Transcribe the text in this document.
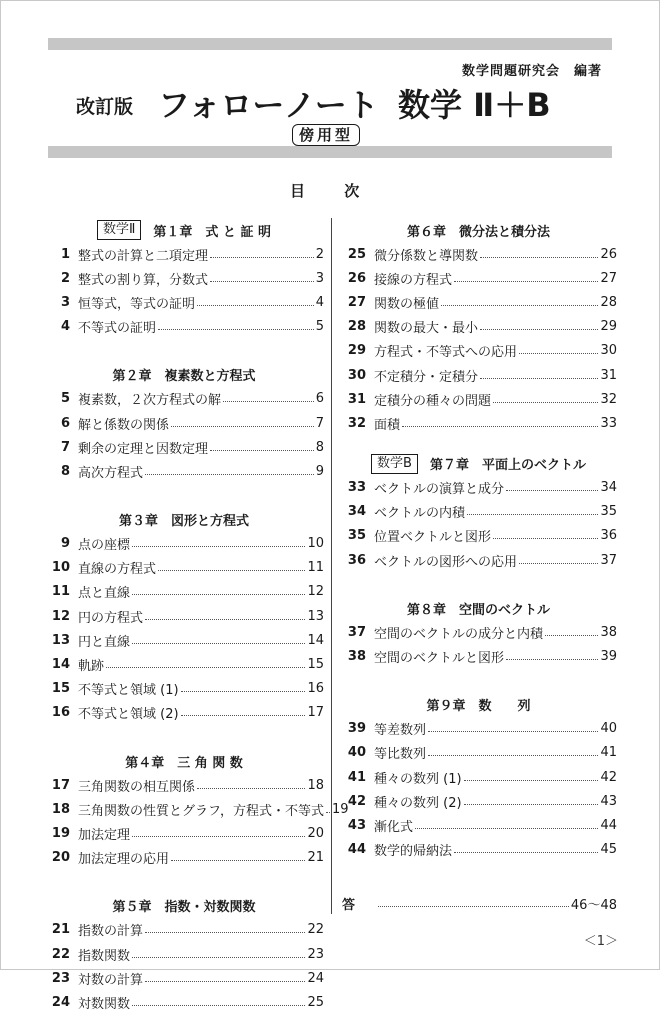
数学問題研究会　編著
改訂版 フォローノート 数学 Ⅱ＋B
傍用型
目 次
数学Ⅱ	第１章　式 と 証 明
1 整式の計算と二項定理	2
2 整式の割り算，分数式	3
3 恒等式，等式の証明	4
4 不等式の証明	5
第２章　複素数と方程式
5 複素数，２次方程式の解	6
6 解と係数の関係	7
7 剰余の定理と因数定理	8
8 高次方程式	9
第３章　図形と方程式
9 点の座標	10
10 直線の方程式	11
11 点と直線	12
12 円の方程式	13
13 円と直線	14
14 軌跡	15
15 不等式と領域 (1)	16
16 不等式と領域 (2)	17
第４章　三 角 関 数
17 三角関数の相互関係	18
18 三角関数の性質とグラフ，方程式・不等式 19
19 加法定理	20
20 加法定理の応用	21
第５章　指数・対数関数
21 指数の計算	22
22 指数関数	23
23 対数の計算	24
24 対数関数	25
第６章　微分法と積分法
25 微分係数と導関数	26
26 接線の方程式	27
27 関数の極値	28
28 関数の最大・最小	29
29 方程式・不等式への応用	30
30 不定積分・定積分	31
31 定積分の種々の問題	32
32 面積	33
数学B	第７章　平面上のベクトル
33 ベクトルの演算と成分	34
34 ベクトルの内積	35
35 位置ベクトルと図形	36
36 ベクトルの図形への応用	37
第８章　空間のベクトル
37 空間のベクトルの成分と内積	38
38 空間のベクトルと図形	39
第９章　数　　列
39 等差数列	40
40 等比数列	41
41 種々の数列 (1)	42
42 種々の数列 (2)	43
43 漸化式	44
44 数学的帰納法	45
答	46～48
＜1＞
